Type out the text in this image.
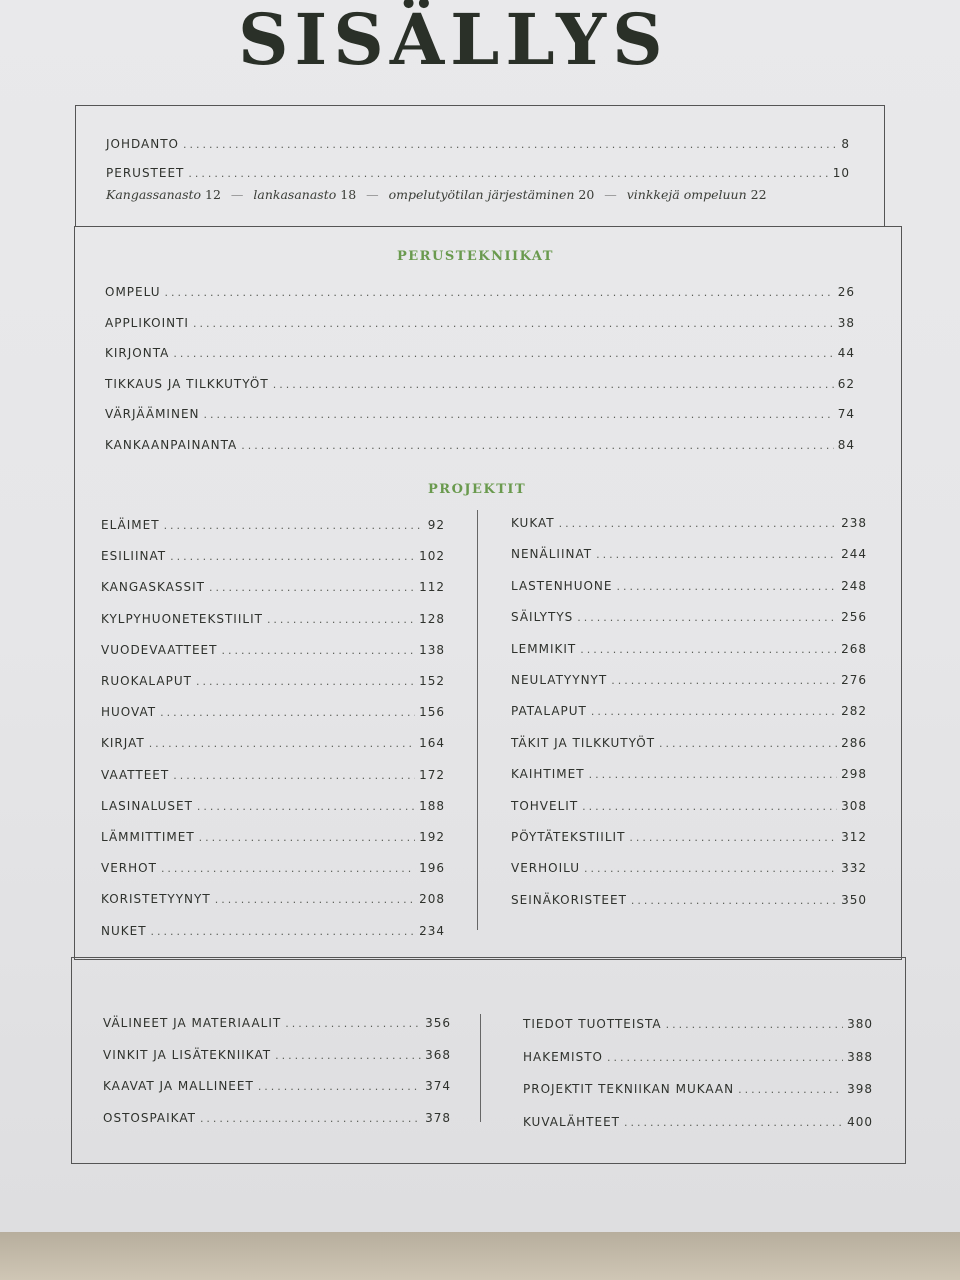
SISÄLLYS
JOHDANTO .....	8
PERUSTEET .....	10
Kangassanasto 12 — lankasanasto 18 — ompelutyötilan järjestäminen 20 — vinkkejä ompeluun 22
PERUSTEKNIIKAT
OMPELU .....	26
APPLIKOINTI .....	38
KIRJONTA .....	44
TIKKAUS JA TILKKUTYÖT .....	62
VÄRJÄÄMINEN .....	74
KANKAANPAINANTA .....	84
PROJEKTIT
ELÄIMET .....	92
ESILIINAT .....	102
KANGASKASSIT .....	112
KYLPYHUONETEKSTIILIT .....	128
VUODEVAATTEET .....	138
RUOKALAPUT .....	152
HUOVAT .....	156
KIRJAT .....	164
VAATTEET .....	172
LASINALUSET .....	188
LÄMMITTIMET .....	192
VERHOT .....	196
KORISTETYYNYT .....	208
NUKET .....	234
KUKAT .....	238
NENÄLIINAT .....	244
LASTENHUONE .....	248
SÄILYTYS .....	256
LEMMIKIT .....	268
NEULATYYNYT .....	276
PATALAPUT .....	282
TÄKIT JA TILKKUTYÖT .....	286
KAIHTIMET .....	298
TOHVELIT .....	308
PÖYTÄTEKSTIILIT .....	312
VERHOILU .....	332
SEINÄKORISTEET .....	350
VÄLINEET JA MATERIAALIT .....	356
VINKIT JA LISÄTEKNIIKAT .....	368
KAAVAT JA MALLINEET .....	374
OSTOSPAIKAT .....	378
TIEDOT TUOTTEISTA .....	380
HAKEMISTO .....	388
PROJEKTIT TEKNIIKAN MUKAAN .....	398
KUVALÄHTEET .....	400
